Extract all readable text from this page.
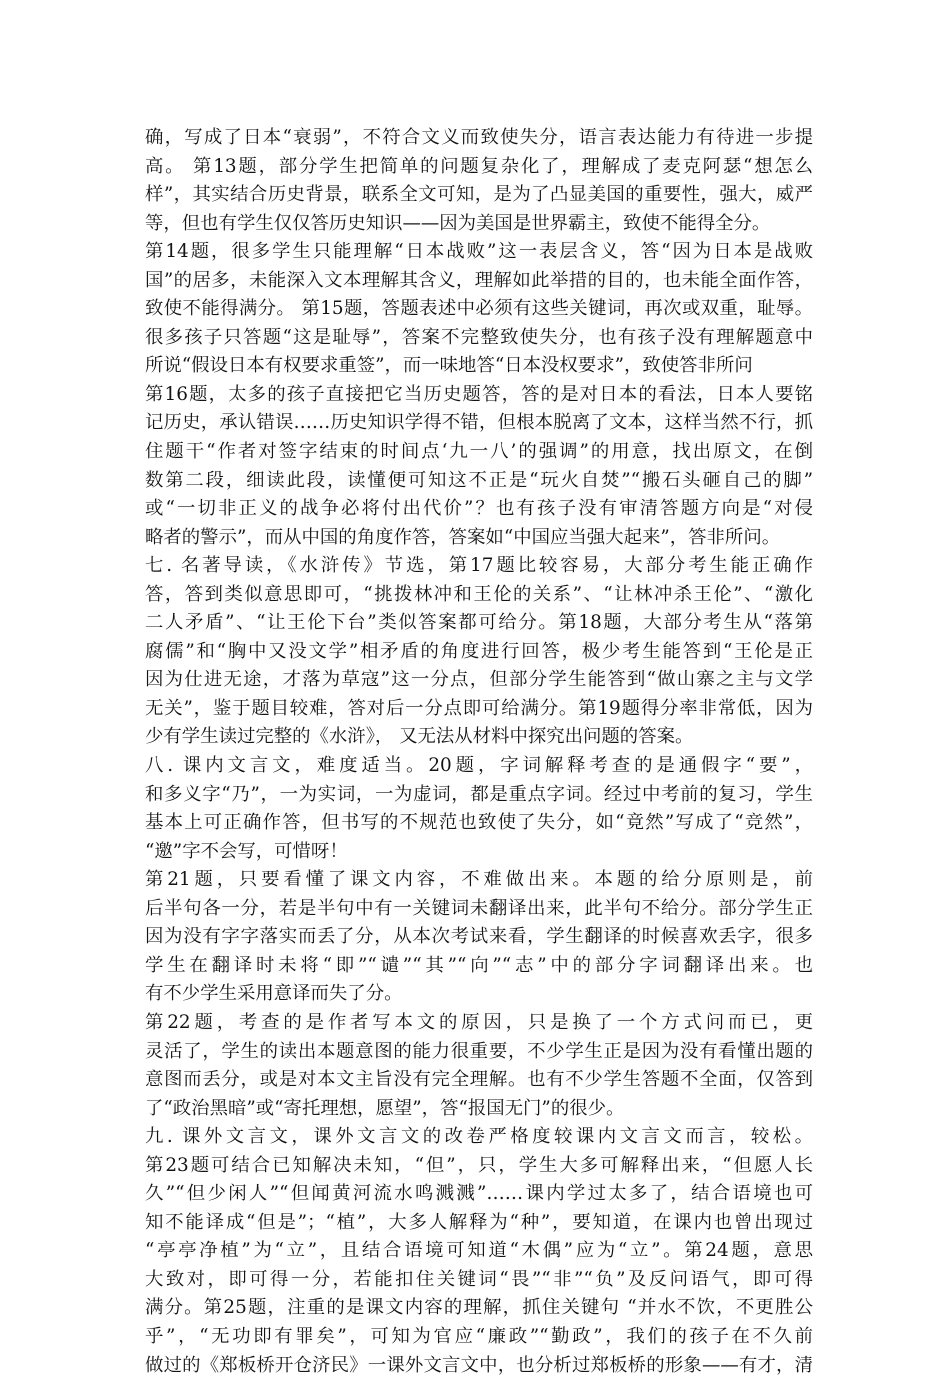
确，写成了日本“衰弱”，不符合文义而致使失分，语言表达能力有待进一步提
高。 第13题，部分学生把简单的问题复杂化了，理解成了麦克阿瑟“想怎么
样”，其实结合历史背景，联系全文可知，是为了凸显美国的重要性，强大，威严
等，但也有学生仅仅答历史知识——因为美国是世界霸主，致使不能得全分。
第14题，很多学生只能理解“日本战败”这一表层含义，答“因为日本是战败
国”的居多，未能深入文本理解其含义，理解如此举措的目的，也未能全面作答，
致使不能得满分。 第15题，答题表述中必须有这些关键词，再次或双重，耻辱。
很多孩子只答题“这是耻辱”，答案不完整致使失分，也有孩子没有理解题意中
所说“假设日本有权要求重签”，而一味地答“日本没权要求”，致使答非所问
第16题，太多的孩子直接把它当历史题答，答的是对日本的看法，日本人要铭
记历史，承认错误……历史知识学得不错，但根本脱离了文本，这样当然不行，抓
住题干“作者对签字结束的时间点‘九一八’的强调”的用意，找出原文，在倒
数第二段，细读此段，读懂便可知这不正是“玩火自焚”“搬石头砸自己的脚”
或“一切非正义的战争必将付出代价”？也有孩子没有审清答题方向是“对侵
略者的警示”，而从中国的角度作答，答案如“中国应当强大起来”，答非所问。
七. 名著导读，《水浒传》节选，第17题比较容易，大部分考生能正确作
答，答到类似意思即可，“挑拨林冲和王伦的关系”、“让林冲杀王伦”、“激化
二人矛盾”、“让王伦下台”类似答案都可给分。第18题，大部分考生从“落第
腐儒”和“胸中又没文学”相矛盾的角度进行回答，极少考生能答到“王伦是正
因为仕进无途，才落为草寇”这一分点，但部分学生能答到“做山寨之主与文学
无关”，鉴于题目较难，答对后一分点即可给满分。第19题得分率非常低，因为
少有学生读过完整的《水浒》， 又无法从材料中探究出问题的答案。
八. 课内文言文，难度适当。20题，字词解释考查的是通假字“要”，
和多义字“乃”，一为实词，一为虚词，都是重点字词。经过中考前的复习，学生
基本上可正确作答，但书写的不规范也致使了失分，如“竟然”写成了“竞然”，
“邀”字不会写，可惜呀！
第21题，只要看懂了课文内容，不难做出来。本题的给分原则是，前
后半句各一分，若是半句中有一关键词未翻译出来，此半句不给分。部分学生正
因为没有字字落实而丢了分，从本次考试来看，学生翻译的时候喜欢丢字，很多
学生在翻译时未将“即”“谴”“其”“向”“志”中的部分字词翻译出来。也
有不少学生采用意译而失了分。
第22题，考查的是作者写本文的原因，只是换了一个方式问而已，更
灵活了，学生的读出本题意图的能力很重要，不少学生正是因为没有看懂出题的
意图而丢分，或是对本文主旨没有完全理解。也有不少学生答题不全面，仅答到
了“政治黑暗”或“寄托理想，愿望”，答“报国无门”的很少。
九. 课外文言文，课外文言文的改卷严格度较课内文言文而言，较松。
第23题可结合已知解决未知，“但”，只，学生大多可解释出来，“但愿人长
久”“但少闲人”“但闻黄河流水鸣溅溅”……课内学过太多了，结合语境也可
知不能译成“但是”；“植”，大多人解释为“种”，要知道，在课内也曾出现过
“亭亭净植”为“立”，且结合语境可知道“木偶”应为“立”。第24题，意思
大致对，即可得一分，若能扣住关键词“畏”“非”“负”及反问语气，即可得
满分。第25题，注重的是课文内容的理解，抓住关键句 “并水不饮，不更胜公
乎”，“无功即有罪矣”，可知为官应“廉政”“勤政”，我们的孩子在不久前
做过的《郑板桥开仓济民》一课外文言文中，也分析过郑板桥的形象——有才，清
